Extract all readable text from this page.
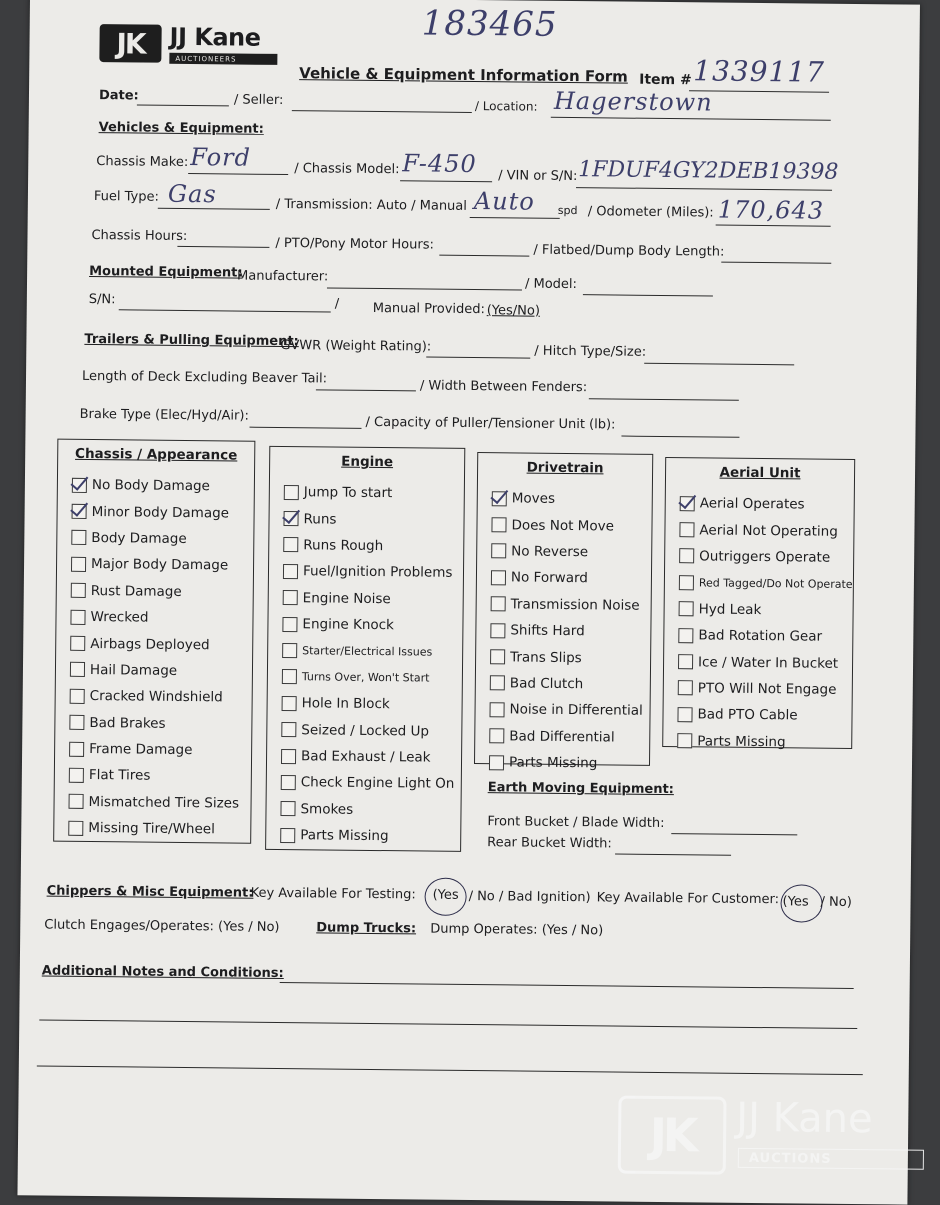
183465
JK	JJ Kane
AUCTIONEERS
Vehicle & Equipment Information Form Item # 1339117
Date:	/ Seller:	/ Location: Hagerstown
Vehicles & Equipment:
Chassis Make: Ford	/ Chassis Model: F-450 / VIN or S/N: 1FDUF4GY2DEB19398
Fuel Type: Gas	/ Transmission: Auto / Manual Auto spd / Odometer (Miles): 170,643
Chassis Hours:	/ PTO/Pony Motor Hours:	/ Flatbed/Dump Body Length:
Mounted Equipment:
Manufacturer:	/ Model:
S/N:	/	Manual Provided: (Yes/No)
Trailers & Pulling Equipment:
GVWR (Weight Rating):	/ Hitch Type/Size:
Length of Deck Excluding Beaver Tail:
/ Width Between Fenders:
Brake Type (Elec/Hyd/Air):	/ Capacity of Puller/Tensioner Unit (lb):
Chassis / Appearance
No Body Damage
Minor Body Damage
Body Damage
Major Body Damage
Rust Damage
Wrecked
Airbags Deployed
Hail Damage
Cracked Windshield
Bad Brakes
Frame Damage
Flat Tires
Mismatched Tire Sizes
Missing Tire/Wheel
Engine
Jump To start
Runs
Runs Rough
Fuel/Ignition Problems
Engine Noise
Engine Knock
Starter/Electrical Issues
Turns Over, Won't Start
Hole In Block
Seized / Locked Up
Bad Exhaust / Leak
Check Engine Light On
Smokes
Parts Missing
Drivetrain
Moves
Does Not Move
No Reverse
No Forward
Transmission Noise
Shifts Hard
Trans Slips
Bad Clutch
Noise in Differential
Bad Differential
Parts Missing
Aerial Unit
Aerial Operates
Aerial Not Operating
Outriggers Operate
Red Tagged/Do Not Operate
Hyd Leak
Bad Rotation Gear
Ice / Water In Bucket
PTO Will Not Engage
Bad PTO Cable
Parts Missing
Earth Moving Equipment:
Front Bucket / Blade Width:
Rear Bucket Width:
Chippers & Misc Equipment:
Key Available For Testing: (Yes / No / Bad Ignition) Key Available For Customer: (Yes / No)
Clutch Engages/Operates: (Yes / No)	Dump Trucks: Dump Operates: (Yes / No)
Additional Notes and Conditions:
JK	JJ Kane
AUCTIONS
